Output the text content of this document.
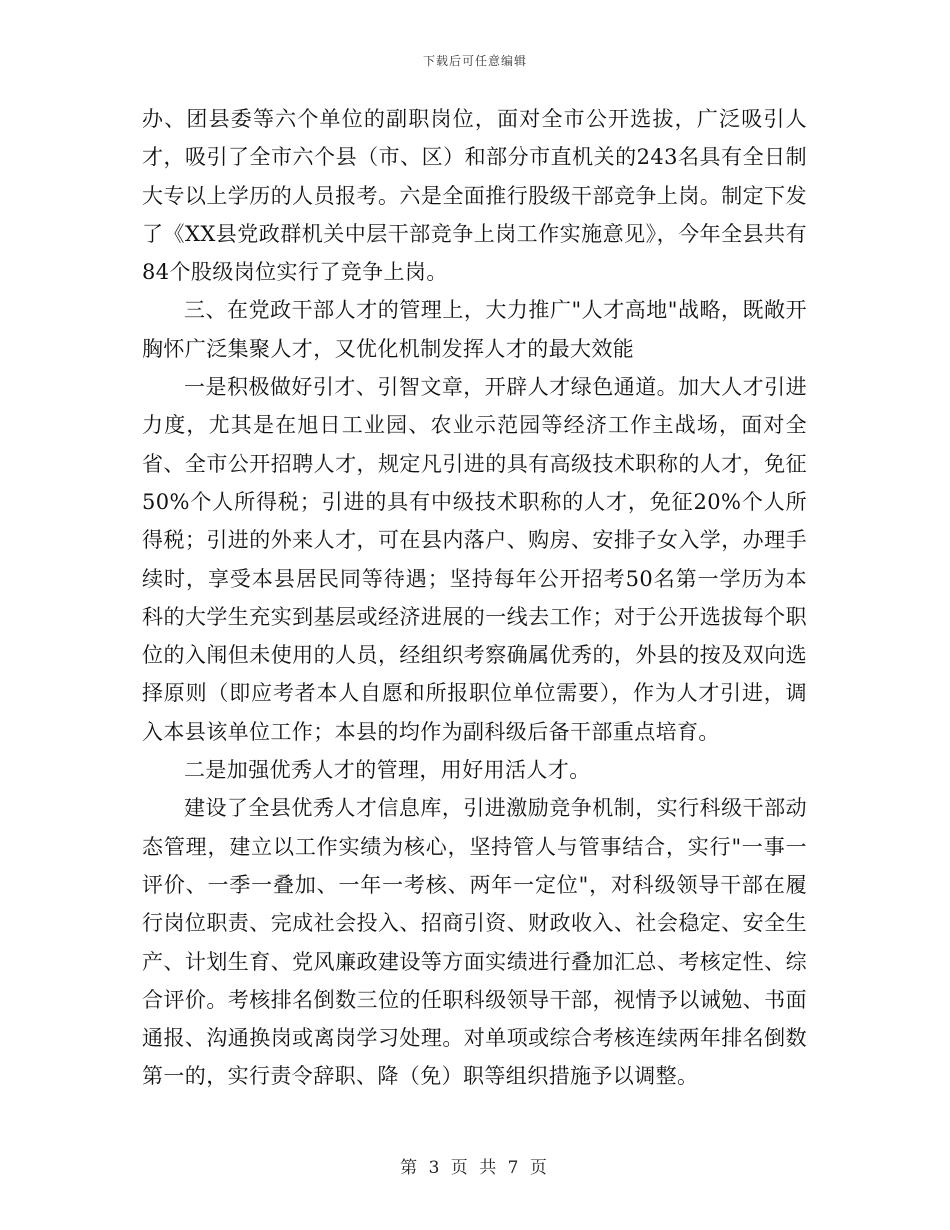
下载后可任意编辑

办、团县委等六个单位的副职岗位，面对全市公开选拔，广泛吸引人才，吸引了全市六个县（市、区）和部分市直机关的243名具有全日制大专以上学历的人员报考。六是全面推行股级干部竞争上岗。制定下发了《XX县党政群机关中层干部竞争上岗工作实施意见》，今年全县共有84个股级岗位实行了竞争上岗。

三、在党政干部人才的管理上，大力推广"人才高地"战略，既敞开胸怀广泛集聚人才，又优化机制发挥人才的最大效能

一是积极做好引才、引智文章，开辟人才绿色通道。加大人才引进力度，尤其是在旭日工业园、农业示范园等经济工作主战场，面对全省、全市公开招聘人才，规定凡引进的具有高级技术职称的人才，免征50%个人所得税；引进的具有中级技术职称的人才，免征20%个人所得税；引进的外来人才，可在县内落户、购房、安排子女入学，办理手续时，享受本县居民同等待遇；坚持每年公开招考50名第一学历为本科的大学生充实到基层或经济进展的一线去工作；对于公开选拔每个职位的入闱但未使用的人员，经组织考察确属优秀的，外县的按及双向选择原则（即应考者本人自愿和所报职位单位需要），作为人才引进，调入本县该单位工作；本县的均作为副科级后备干部重点培育。

二是加强优秀人才的管理，用好用活人才。

建设了全县优秀人才信息库，引进激励竞争机制，实行科级干部动态管理，建立以工作实绩为核心，坚持管人与管事结合，实行"一事一评价、一季一叠加、一年一考核、两年一定位"，对科级领导干部在履行岗位职责、完成社会投入、招商引资、财政收入、社会稳定、安全生产、计划生育、党风廉政建设等方面实绩进行叠加汇总、考核定性、综合评价。考核排名倒数三位的任职科级领导干部，视情予以诫勉、书面通报、沟通换岗或离岗学习处理。对单项或综合考核连续两年排名倒数第一的，实行责令辞职、降（免）职等组织措施予以调整。

第 3 页 共 7 页
